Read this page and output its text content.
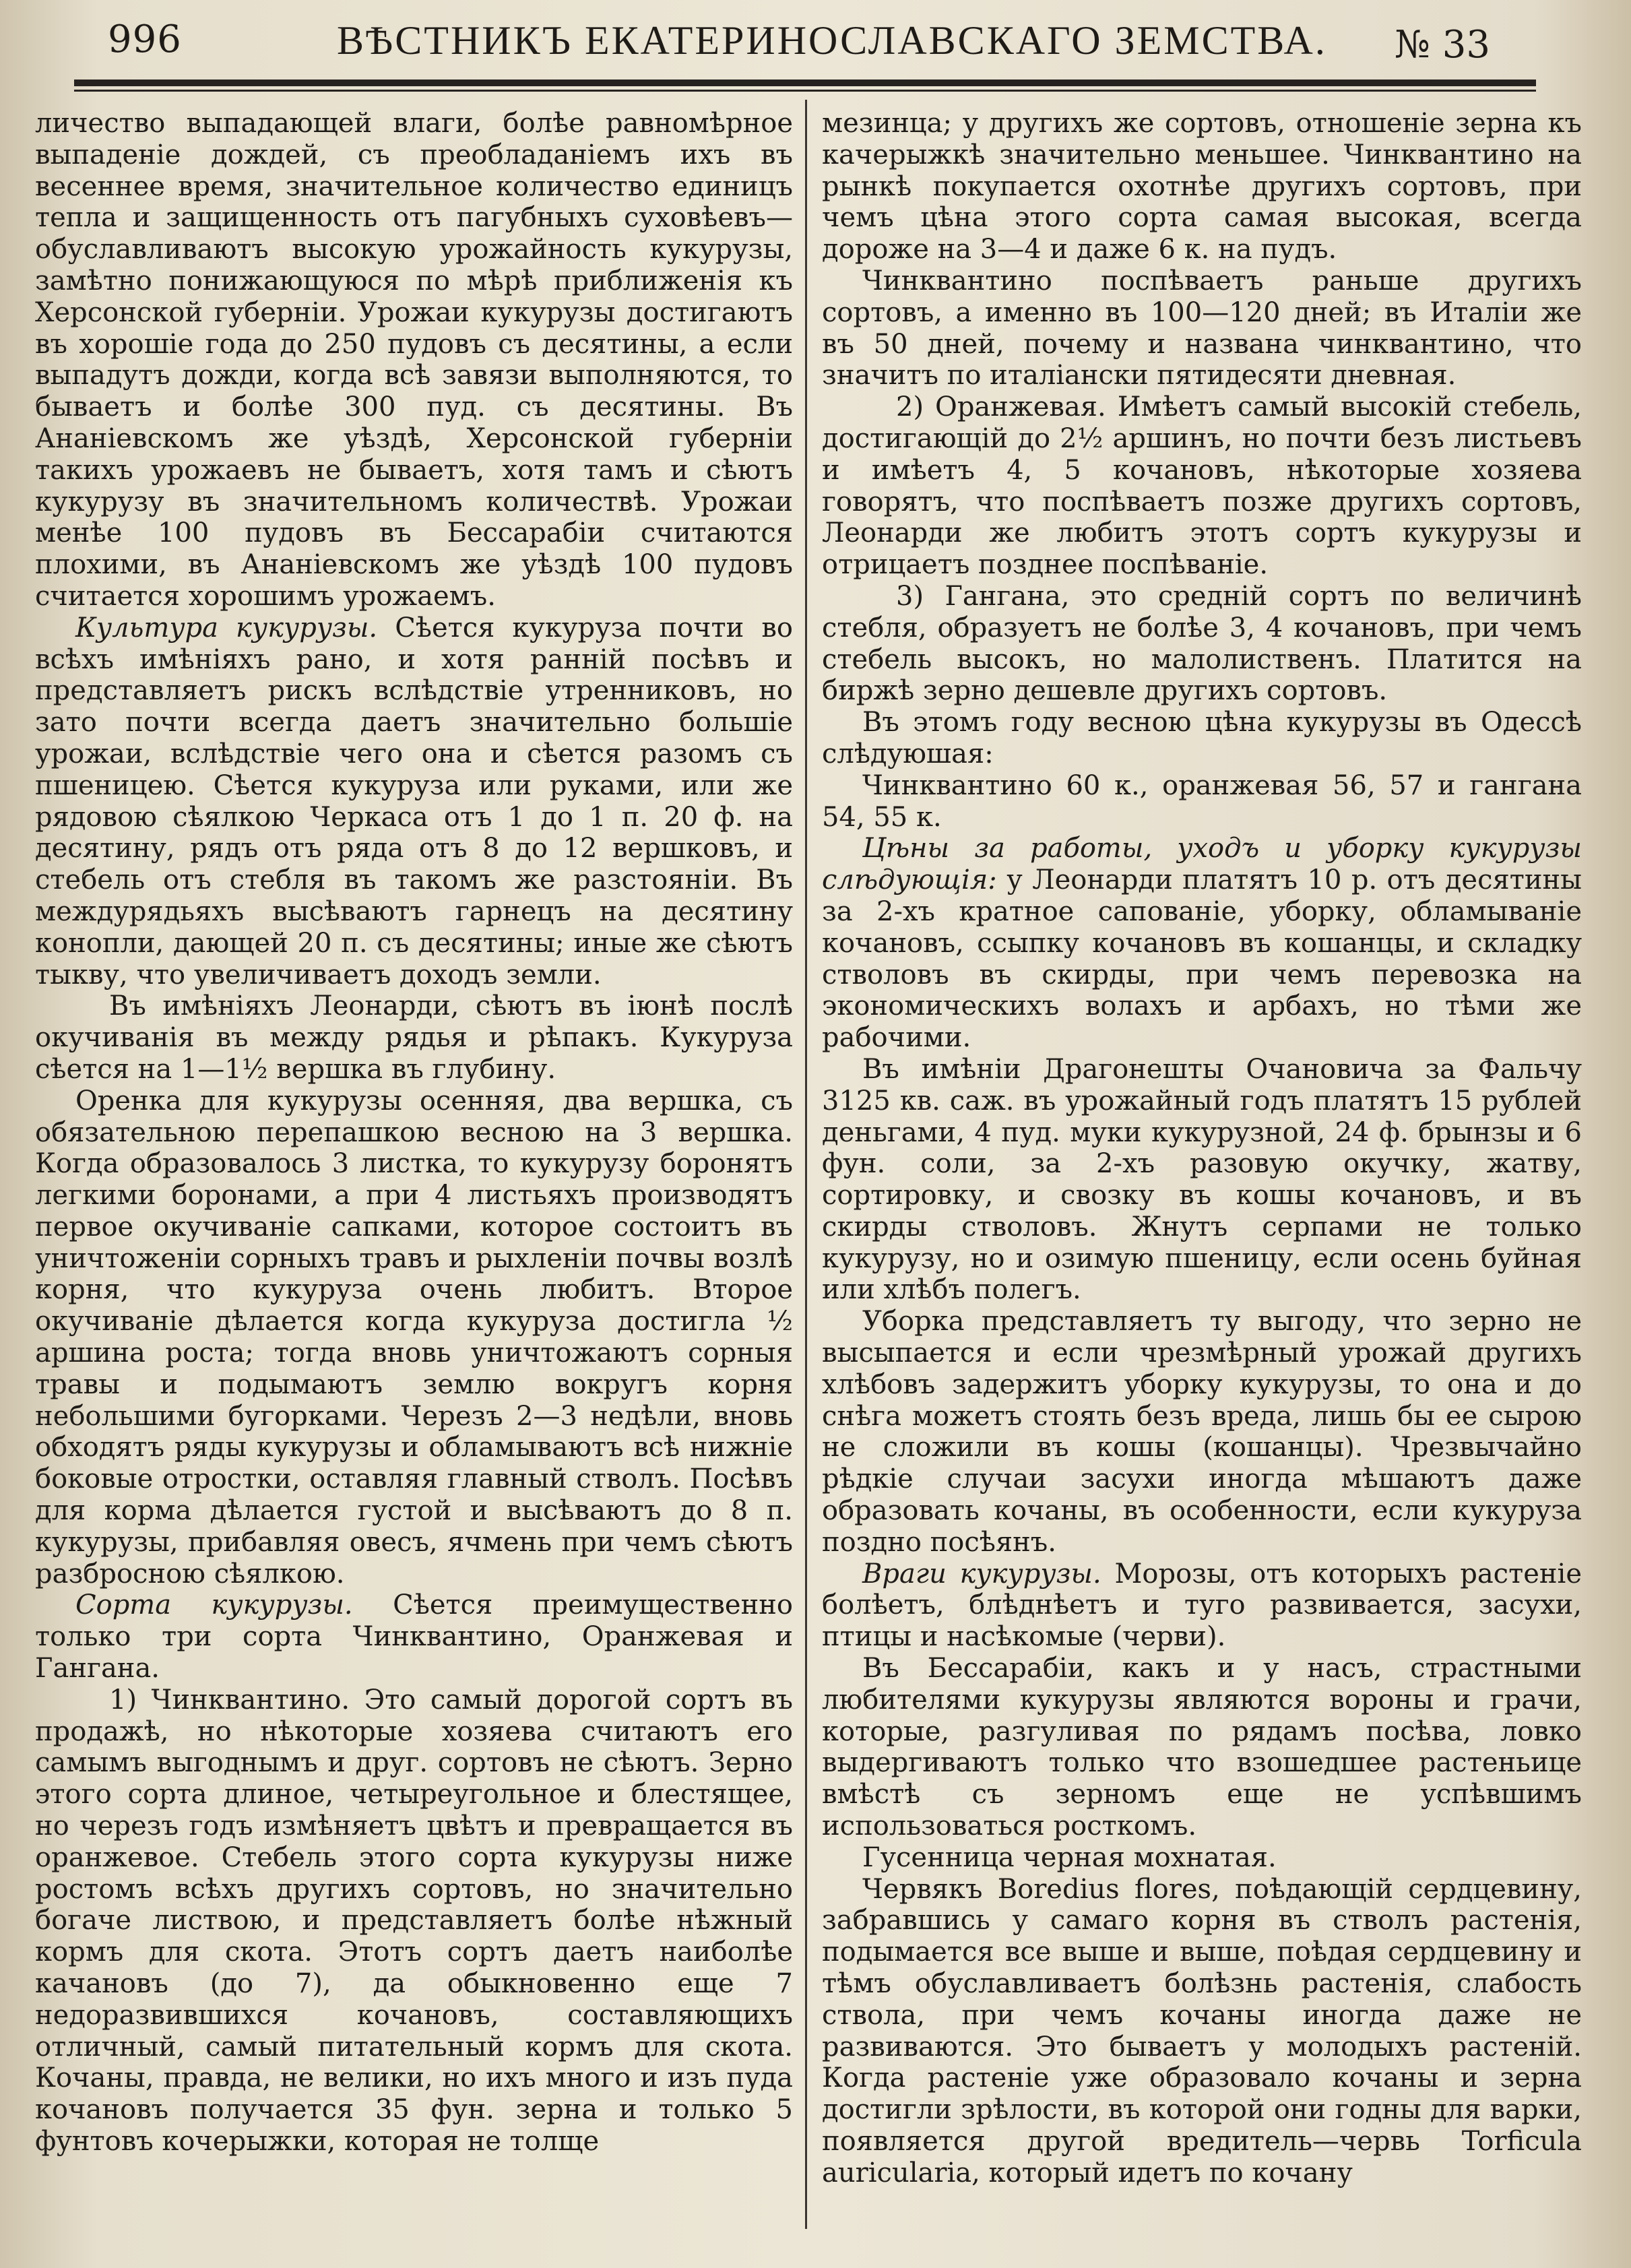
996	ВѢСТНИКЪ ЕКАТЕРИНОСЛАВСКАГО ЗЕМСТВА.	№ 33

личество выпадающей влаги, болѣе равномѣрное выпаденіе дождей, съ преобладаніемъ ихъ въ весеннее время, значительное количество единицъ тепла и защищенность отъ пагубныхъ суховѣевъ—обуславливаютъ высокую урожайность кукурузы, замѣтно понижающуюся по мѣрѣ приближенія къ Херсонской губерніи. Урожаи кукурузы достигаютъ въ хорошіе года до 250 пудовъ съ десятины, а если выпадутъ дожди, когда всѣ завязи выполняются, то бываетъ и болѣе 300 пуд. съ десятины. Въ Ананіевскомъ же уѣздѣ, Херсонской губерніи такихъ урожаевъ не бываетъ, хотя тамъ и сѣютъ кукурузу въ значительномъ количествѣ. Урожаи менѣе 100 пудовъ въ Бессарабіи считаются плохими, въ Ананіевскомъ же уѣздѣ 100 пудовъ считается хорошимъ урожаемъ.

Культура кукурузы. Сѣется кукуруза почти во всѣхъ имѣніяхъ рано, и хотя ранній посѣвъ и представляетъ рискъ вслѣдствіе утренниковъ, но зато почти всегда даетъ значительно большіе урожаи, вслѣдствіе чего она и сѣется разомъ съ пшеницею. Сѣется кукуруза или руками, или же рядовою сѣялкою Черкаса отъ 1 до 1 п. 20 ф. на десятину, рядъ отъ ряда отъ 8 до 12 вершковъ, и стебель отъ стебля въ такомъ же разстояніи. Въ междурядьяхъ высѣваютъ гарнецъ на десятину конопли, дающей 20 п. съ десятины; иные же сѣютъ тыкву, что увеличиваетъ доходъ земли.

Въ имѣніяхъ Леонарди, сѣютъ въ іюнѣ послѣ окучиванія въ между рядья и рѣпакъ. Кукуруза сѣется на 1—1½ вершка въ глубину.

Оренка для кукурузы осенняя, два вершка, съ обязательною перепашкою весною на 3 вершка. Когда образовалось 3 листка, то кукурузу боронятъ легкими боронами, а при 4 листьяхъ производятъ первое окучиваніе сапками, которое состоитъ въ уничтоженіи сорныхъ травъ и рыхленіи почвы возлѣ корня, что кукуруза очень любитъ. Второе окучиваніе дѣлается когда кукуруза достигла ½ аршина роста; тогда вновь уничтожаютъ сорныя травы и подымаютъ землю вокругъ корня небольшими бугорками. Черезъ 2—3 недѣли, вновь обходятъ ряды кукурузы и обламываютъ всѣ нижніе боковые отростки, оставляя главный стволъ. Посѣвъ для корма дѣлается густой и высѣваютъ до 8 п. кукурузы, прибавляя овесъ, ячмень при чемъ сѣютъ разбросною сѣялкою.

Сорта кукурузы. Сѣется преимущественно только три сорта Чинквантино, Оранжевая и Гангана.

1) Чинквантино. Это самый дорогой сортъ въ продажѣ, но нѣкоторые хозяева считаютъ его самымъ выгоднымъ и друг. сортовъ не сѣютъ. Зерно этого сорта длиное, четыреугольное и блестящее, но черезъ годъ измѣняетъ цвѣтъ и превращается въ оранжевое. Стебель этого сорта кукурузы ниже ростомъ всѣхъ другихъ сортовъ, но значительно богаче листвою, и представляетъ болѣе нѣжный кормъ для скота. Этотъ сортъ даетъ наиболѣе качановъ (до 7), да обыкновенно еще 7 недоразвившихся кочановъ, составляющихъ отличный, самый питательный кормъ для скота. Кочаны, правда, не велики, но ихъ много и изъ пуда кочановъ получается 35 фун. зерна и только 5 фунтовъ кочерыжки, которая не толще

мезинца; у другихъ же сортовъ, отношеніе зерна къ качерыжкѣ значительно меньшее. Чинквантино на рынкѣ покупается охотнѣе другихъ сортовъ, при чемъ цѣна этого сорта самая высокая, всегда дороже на 3—4 и даже 6 к. на пудъ.

Чинквантино поспѣваетъ раньше другихъ сортовъ, а именно въ 100—120 дней; въ Италіи же въ 50 дней, почему и названа чинквантино, что значитъ по италіански пятидесяти дневная.

2) Оранжевая. Имѣетъ самый высокій стебель, достигающій до 2½ аршинъ, но почти безъ листьевъ и имѣетъ 4, 5 кочановъ, нѣкоторые хозяева говорятъ, что поспѣваетъ позже другихъ сортовъ, Леонарди же любитъ этотъ сортъ кукурузы и отрицаетъ позднее поспѣваніе.

3) Гангана, это средній сортъ по величинѣ стебля, образуетъ не болѣе 3, 4 кочановъ, при чемъ стебель высокъ, но малолиственъ. Платится на биржѣ зерно дешевле другихъ сортовъ.

Въ этомъ году весною цѣна кукурузы въ Одессѣ слѣдуюшая:

Чинквантино 60 к., оранжевая 56, 57 и гангана 54, 55 к.

Цѣны за работы, уходъ и уборку кукурузы слѣдующія: у Леонарди платятъ 10 р. отъ десятины за 2-хъ кратное сапованіе, уборку, обламываніе кочановъ, ссыпку кочановъ въ кошанцы, и складку стволовъ въ скирды, при чемъ перевозка на экономическихъ волахъ и арбахъ, но тѣми же рабочими.

Въ имѣніи Драгонешты Очановича за Фальчу 3125 кв. саж. въ урожайный годъ платятъ 15 рублей деньгами, 4 пуд. муки кукурузной, 24 ф. брынзы и 6 фун. соли, за 2-хъ разовую окучку, жатву, сортировку, и свозку въ кошы кочановъ, и въ скирды стволовъ. Жнутъ серпами не только кукурузу, но и озимую пшеницу, если осень буйная или хлѣбъ полегъ.

Уборка представляетъ ту выгоду, что зерно не высыпается и если чрезмѣрный урожай другихъ хлѣбовъ задержитъ уборку кукурузы, то она и до снѣга можетъ стоять безъ вреда, лишь бы ее сырою не сложили въ кошы (кошанцы). Чрезвычайно рѣдкіе случаи засухи иногда мѣшаютъ даже образовать кочаны, въ особенности, если кукуруза поздно посѣянъ.

Враги кукурузы. Морозы, отъ которыхъ растеніе болѣетъ, блѣднѣетъ и туго развивается, засухи, птицы и насѣкомые (черви).

Въ Бессарабіи, какъ и у насъ, страстными любителями кукурузы являются вороны и грачи, которые, разгуливая по рядамъ посѣва, ловко выдергиваютъ только что взошедшее растеньице вмѣстѣ съ зерномъ еще не успѣвшимъ использоваться росткомъ.

Гусенница черная мохнатая.

Червякъ Boredius flores, поѣдающій сердцевину, забравшись у самаго корня въ стволъ растенія, подымается все выше и выше, поѣдая сердцевину и тѣмъ обуславливаетъ болѣзнь растенія, слабость ствола, при чемъ кочаны иногда даже не развиваются. Это бываетъ у молодыхъ растеній. Когда растеніе уже образовало кочаны и зерна достигли зрѣлости, въ которой они годны для варки, появляется другой вредитель—червь Torficula auricularia, который идетъ по кочану
